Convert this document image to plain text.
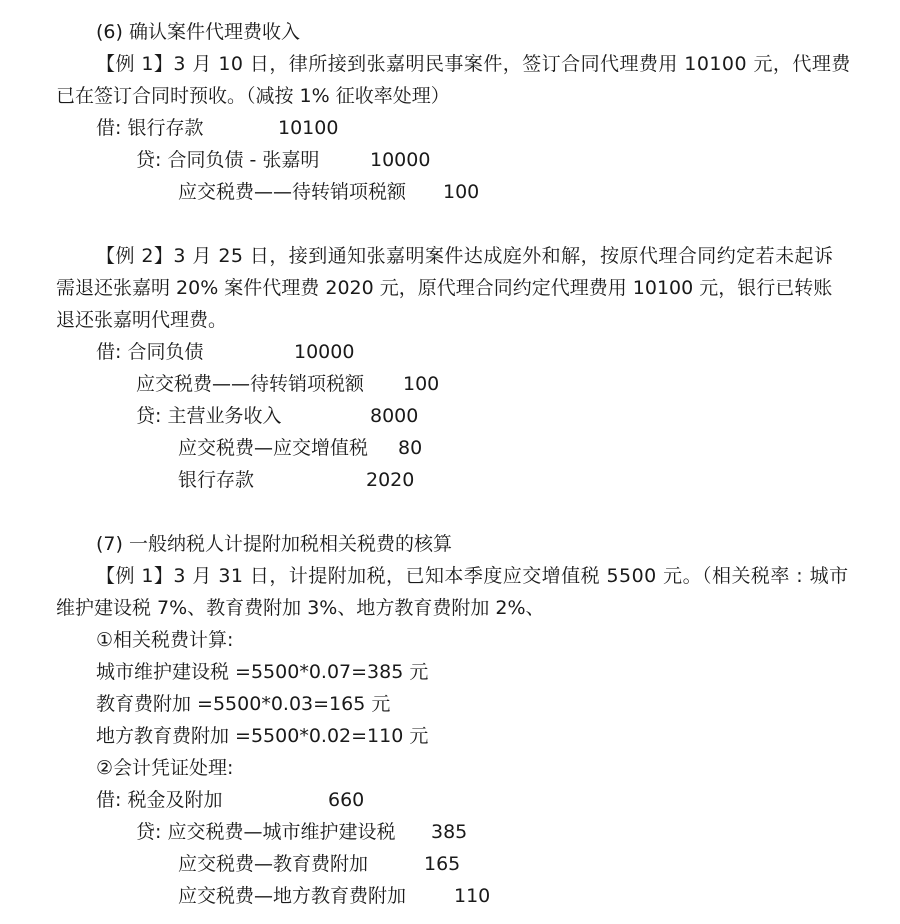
(6) 确认案件代理费收入
【例 1】3 月 10 日，律所接到张嘉明民事案件，签订合同代理费用 10100 元，代理费
已在签订合同时预收。（减按 1% 征收率处理）
借: 银行存款	10100
贷: 合同负债 - 张嘉明	10000
应交税费——待转销项税额 100
【例 2】3 月 25 日，接到通知张嘉明案件达成庭外和解，按原代理合同约定若未起诉
需退还张嘉明 20% 案件代理费 2020 元，原代理合同约定代理费用 10100 元，银行已转账
退还张嘉明代理费。
借: 合同负债	10000
应交税费——待转销项税额 100
贷: 主营业务收入	8000
应交税费—应交增值税 80
银行存款	2020
(7) 一般纳税人计提附加税相关税费的核算
【例 1】3 月 31 日，计提附加税，已知本季度应交增值税 5500 元。（相关税率 : 城市
维护建设税 7%、教育费附加 3%、地方教育费附加 2%、
①相关税费计算:
城市维护建设税 =5500*0.07=385 元
教育费附加 =5500*0.03=165 元
地方教育费附加 =5500*0.02=110 元
②会计凭证处理:
借: 税金及附加	660
贷: 应交税费—城市维护建设税 385
应交税费—教育费附加	165
应交税费—地方教育费附加	110
